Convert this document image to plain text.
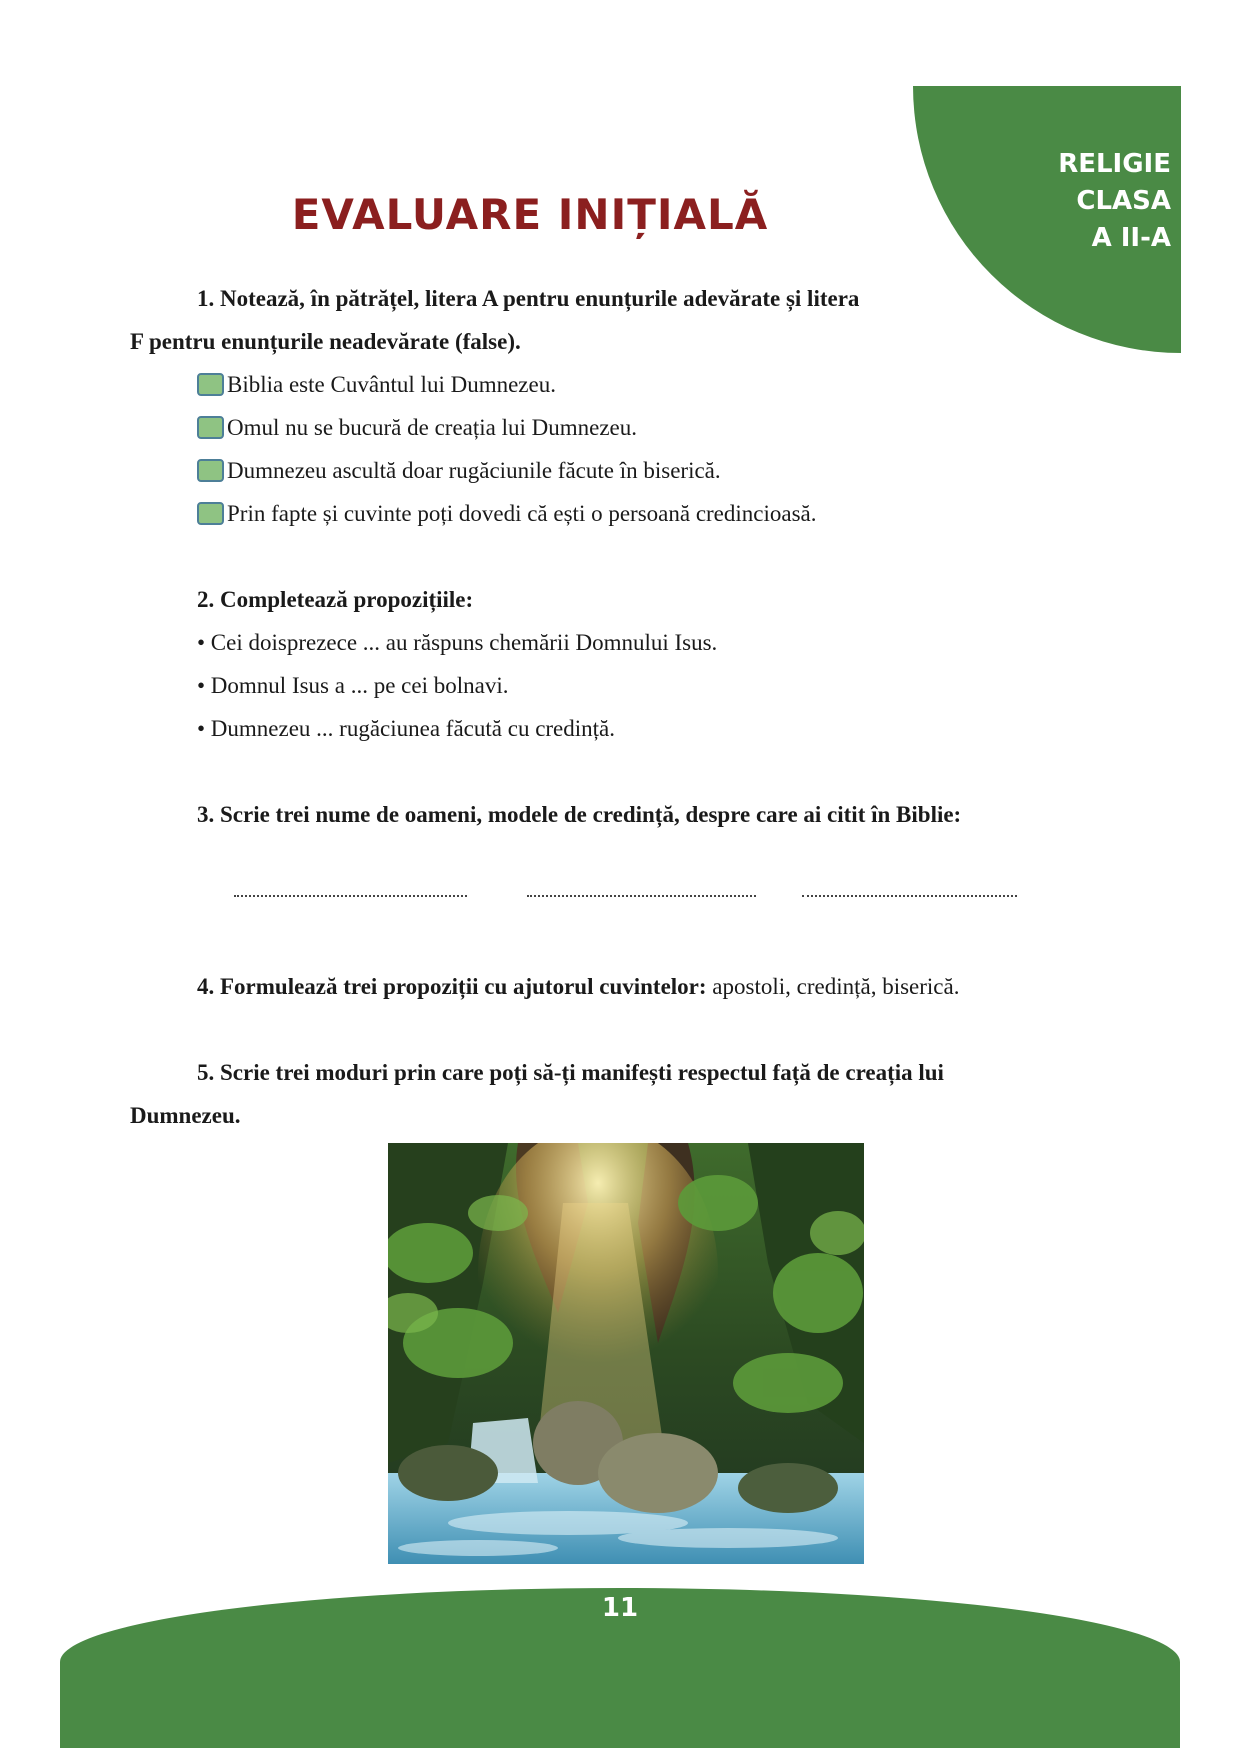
RELIGIE
CLASA
A II-A
EVALUARE INIȚIALĂ
1. Notează, în pătrățel, litera A pentru enunțurile adevărate și litera
F pentru enunțurile neadevărate (false).
Biblia este Cuvântul lui Dumnezeu.
Omul nu se bucură de creația lui Dumnezeu.
Dumnezeu ascultă doar rugăciunile făcute în biserică.
Prin fapte și cuvinte poți dovedi că ești o persoană credincioasă.
2. Completează propozițiile:
• Cei doisprezece ... au răspuns chemării Domnului Isus.
• Domnul Isus a ... pe cei bolnavi.
• Dumnezeu ... rugăciunea făcută cu credință.
3. Scrie trei nume de oameni, modele de credință, despre care ai citit în Biblie:
4. Formulează trei propoziții cu ajutorul cuvintelor: apostoli, credință, biserică.
5. Scrie trei moduri prin care poți să-ți manifești respectul față de creația lui
Dumnezeu.
11
